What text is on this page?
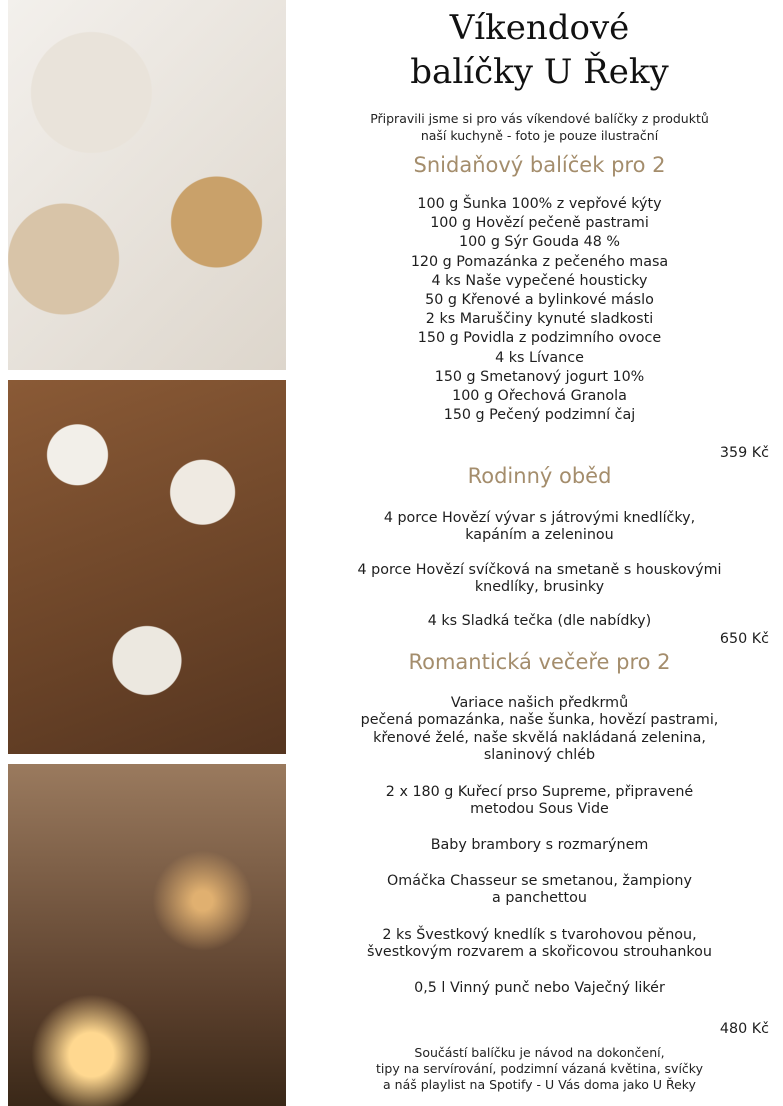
Víkendové
balíčky U Řeky
Připravili jsme si pro vás víkendové balíčky z produktů
naší kuchyně - foto je pouze ilustrační
Snidaňový balíček pro 2
100 g Šunka 100% z vepřové kýty
100 g Hovězí pečeně pastrami
100 g Sýr Gouda 48 %
120 g Pomazánka z pečeného masa
4 ks Naše vypečené housticky
50 g Křenové a bylinkové máslo
2 ks Maruščiny kynuté sladkosti
150 g Povidla z podzimního ovoce
4 ks Lívance
150 g Smetanový jogurt 10%
100 g Ořechová Granola
150 g Pečený podzimní čaj
359 Kč
Rodinný oběd
4 porce Hovězí vývar s játrovými knedlíčky,
kapáním a zeleninou
4 porce Hovězí svíčková na smetaně s houskovými
knedlíky, brusinky
4 ks Sladká tečka (dle nabídky)
650 Kč
Romantická večeře pro 2
Variace našich předkrmů
pečená pomazánka, naše šunka, hovězí pastrami,
křenové želé, naše skvělá nakládaná zelenina,
slaninový chléb
2 x 180 g Kuřecí prso Supreme, připravené
metodou Sous Vide
Baby brambory s rozmarýnem
Omáčka Chasseur se smetanou, žampiony
a panchettou
2 ks Švestkový knedlík s tvarohovou pěnou,
švestkovým rozvarem a skořicovou strouhankou
0,5 l Vinný punč nebo Vaječný likér
480 Kč
Součástí balíčku je návod na dokončení,
tipy na servírování, podzimní vázaná květina, svíčky
a náš playlist na Spotify - U Vás doma jako U Řeky
